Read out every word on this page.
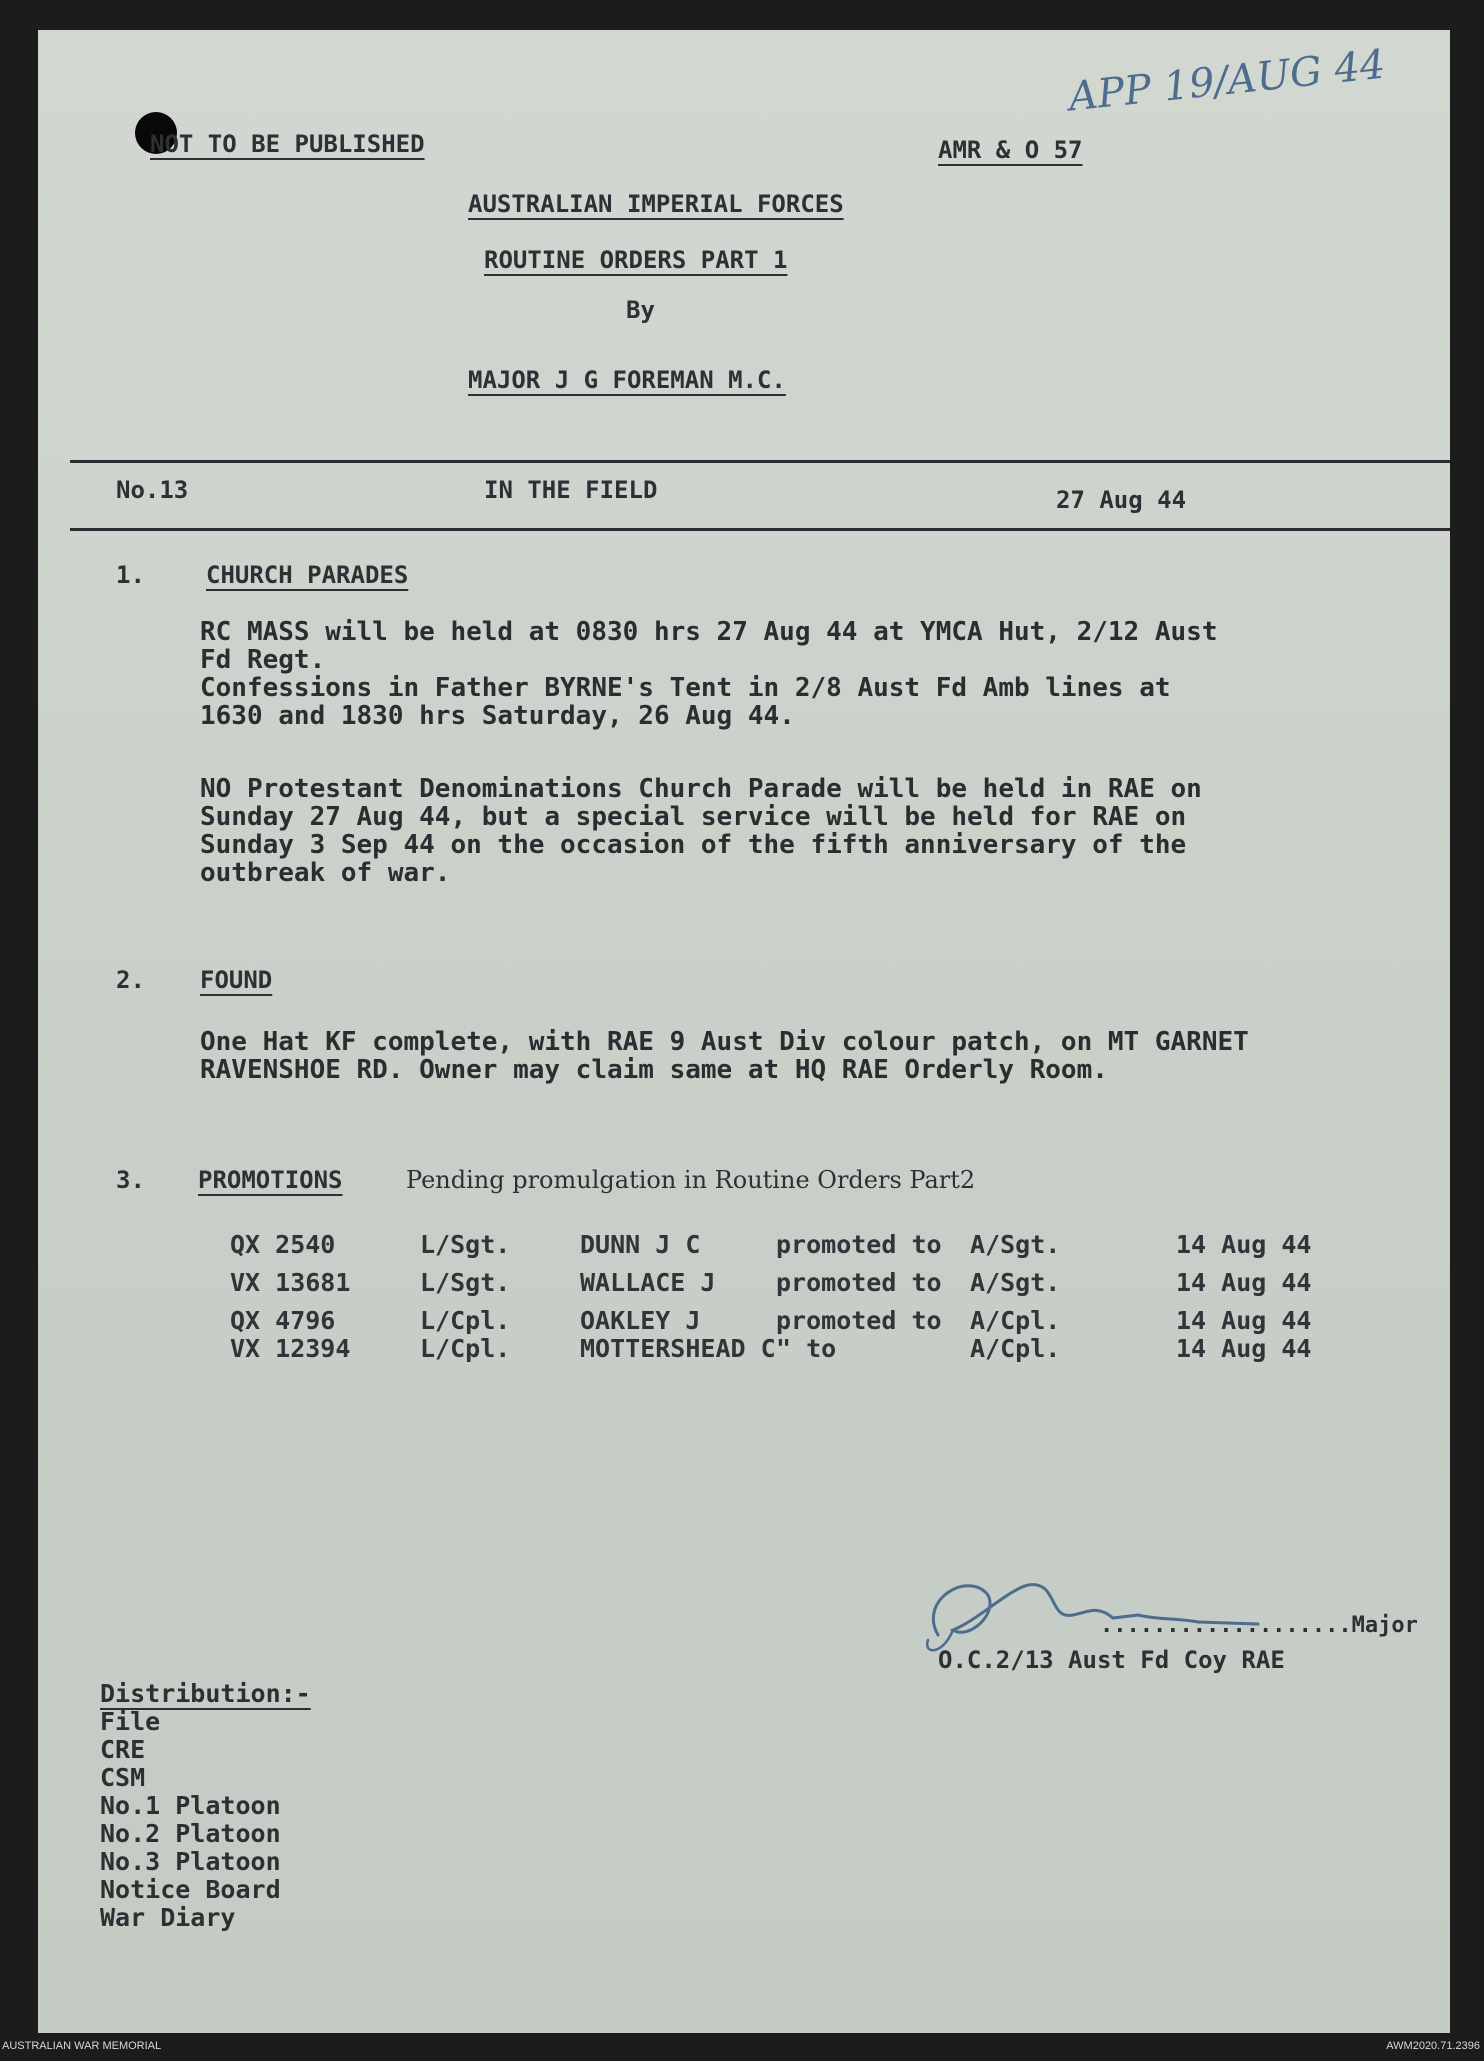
APP 19/AUG 44
NOT TO BE PUBLISHED	AMR & O 57
AUSTRALIAN IMPERIAL FORCES
ROUTINE ORDERS PART 1
By
MAJOR J G FOREMAN M.C.
No.13	IN THE FIELD	27 Aug 44
1.	CHURCH PARADES
RC MASS will be held at 0830 hrs 27 Aug 44 at YMCA Hut, 2/12 Aust
Fd Regt.
Confessions in Father BYRNE's Tent in 2/8 Aust Fd Amb lines at
1630 and 1830 hrs Saturday, 26 Aug 44.
NO Protestant Denominations Church Parade will be held in RAE on
Sunday 27 Aug 44, but a special service will be held for RAE on
Sunday 3 Sep 44 on the occasion of the fifth anniversary of the
outbreak of war.
2. FOUND
One Hat KF complete, with RAE 9 Aust Div colour patch, on MT GARNET
RAVENSHOE RD. Owner may claim same at HQ RAE Orderly Room.
3. PROMOTIONS	Pending promulgation in Routine Orders Part2
QX 2540	L/Sgt.	DUNN J C	promoted to A/Sgt.	14 Aug 44
VX 13681	L/Sgt.	WALLACE J promoted to A/Sgt.	14 Aug 44
QX 4796	L/Cpl.	OAKLEY J	promoted to A/Cpl.	14 Aug 44
VX 12394	L/Cpl.	MOTTERSHEAD C " to	A/Cpl.	14 Aug 44
...................Major
O.C.2/13 Aust Fd Coy RAE
Distribution:-
File
CRE
CSM
No.1 Platoon
No.2 Platoon
No.3 Platoon
Notice Board
War Diary
AUSTRALIAN WAR MEMORIAL	AWM2020.71.2396
